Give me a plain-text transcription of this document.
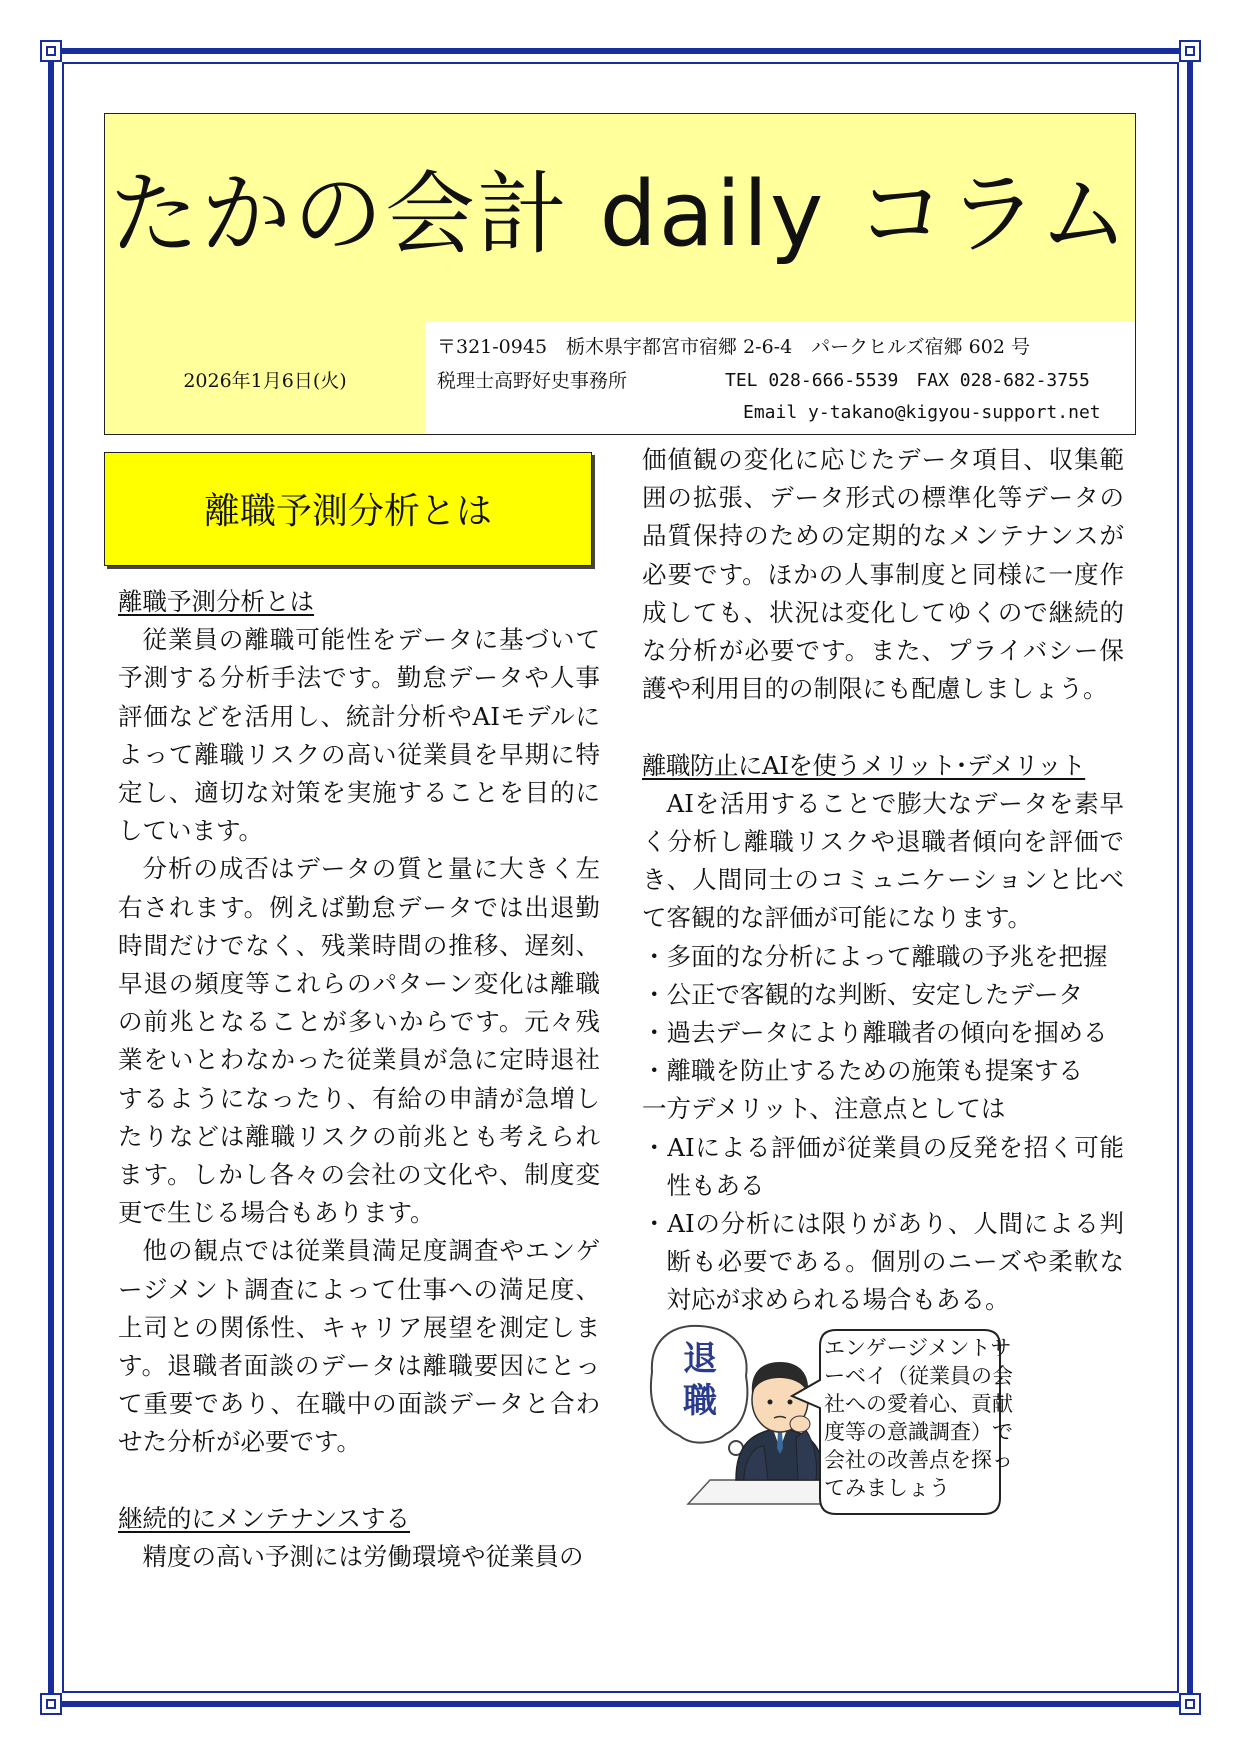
たかの会計 daily コラム
2026年1月6日(火)
〒321-0945　栃木県宇都宮市宿郷 2-6-4　パークヒルズ宿郷 602 号
税理士高野好史事務所	TEL 028-666-5539　FAX 028-682-3755
Email y-takano@kigyou-support.net
離職予測分析とは

離職予測分析とは

従業員の離職可能性をデータに基づいて予測する分析手法です。勤怠データや人事評価などを活用し、統計分析やAIモデルによって離職リスクの高い従業員を早期に特定し、適切な対策を実施することを目的にしています。

分析の成否はデータの質と量に大きく左右されます。例えば勤怠データでは出退勤時間だけでなく、残業時間の推移、遅刻、早退の頻度等これらのパターン変化は離職の前兆となることが多いからです。元々残業をいとわなかった従業員が急に定時退社するようになったり、有給の申請が急増したりなどは離職リスクの前兆とも考えられます。しかし各々の会社の文化や、制度変更で生じる場合もあります。

他の観点では従業員満足度調査やエンゲージメント調査によって仕事への満足度、上司との関係性、キャリア展望を測定します。退職者面談のデータは離職要因にとって重要であり、在職中の面談データと合わせた分析が必要です。

継続的にメンテナンスする

精度の高い予測には労働環境や従業員の

価値観の変化に応じたデータ項目、収集範囲の拡張、データ形式の標準化等データの品質保持のための定期的なメンテナンスが必要です。ほかの人事制度と同様に一度作成しても、状況は変化してゆくので継続的な分析が必要です。また、プライバシー保護や利用目的の制限にも配慮しましょう。

離職防止にAIを使うメリット･デメリット

AIを活用することで膨大なデータを素早く分析し離職リスクや退職者傾向を評価でき、人間同士のコミュニケーションと比べて客観的な評価が可能になります。

・多面的な分析によって離職の予兆を把握

・公正で客観的な判断、安定したデータ

・過去データにより離職者の傾向を掴める

・離職を防止するための施策も提案する

一方デメリット、注意点としては

・AIによる評価が従業員の反発を招く可能性もある

・AIの分析には限りがあり、人間による判断も必要である。個別のニーズや柔軟な対応が求められる場合もある。

退
職
エンゲージメントサ
ーベイ（従業員の会
社への愛着心、貢献
度等の意識調査）で
会社の改善点を探っ
てみましょう
